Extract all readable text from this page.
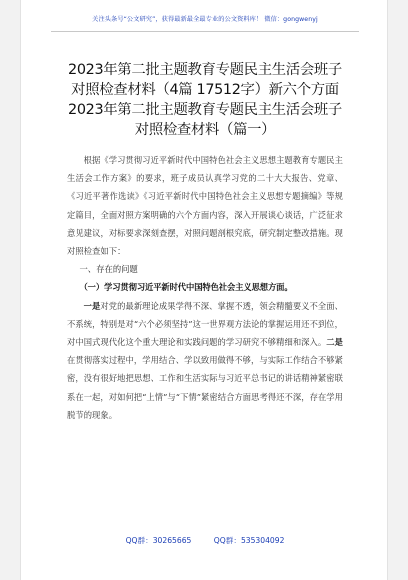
关注头条号“公文研究”，获得最新最全最专业的公文资料库！ 微信：gongwenyj
2023年第二批主题教育专题民主生活会班子
对照检查材料（4篇 17512字）新六个方面
2023年第二批主题教育专题民主生活会班子
对照检查材料（篇一）

根据《学习贯彻习近平新时代中国特色社会主义思想主题教育专题民主生活会工作方案》的要求，班子成员认真学习党的二十大大报告、党章、《习近平著作选读》《习近平新时代中国特色社会主义思想专题摘编》等规定篇目，全面对照方案明确的六个方面内容，深入开展谈心谈话，广泛征求意见建议，对标要求深刻查摆，对照问题剖根究底，研究制定整改措施。现对照检查如下：

一、存在的问题

（一）学习贯彻习近平新时代中国特色社会主义思想方面。

一是对党的最新理论成果学得不深、掌握不透，领会精髓要义不全面、不系统，特别是对“六个必须坚持”这一世界观方法论的掌握运用还不到位，对中国式现代化这个重大理论和实践问题的学习研究不够精细和深入。二是在贯彻落实过程中，学用结合、学以致用做得不够，与实际工作结合不够紧密，没有很好地把思想、工作和生活实际与习近平总书记的讲话精神紧密联系在一起，对如何把“上情”与“下情”紧密结合方面思考得还不深，存在学用脱节的现象。

QQ群：30265665	QQ群：535304092
